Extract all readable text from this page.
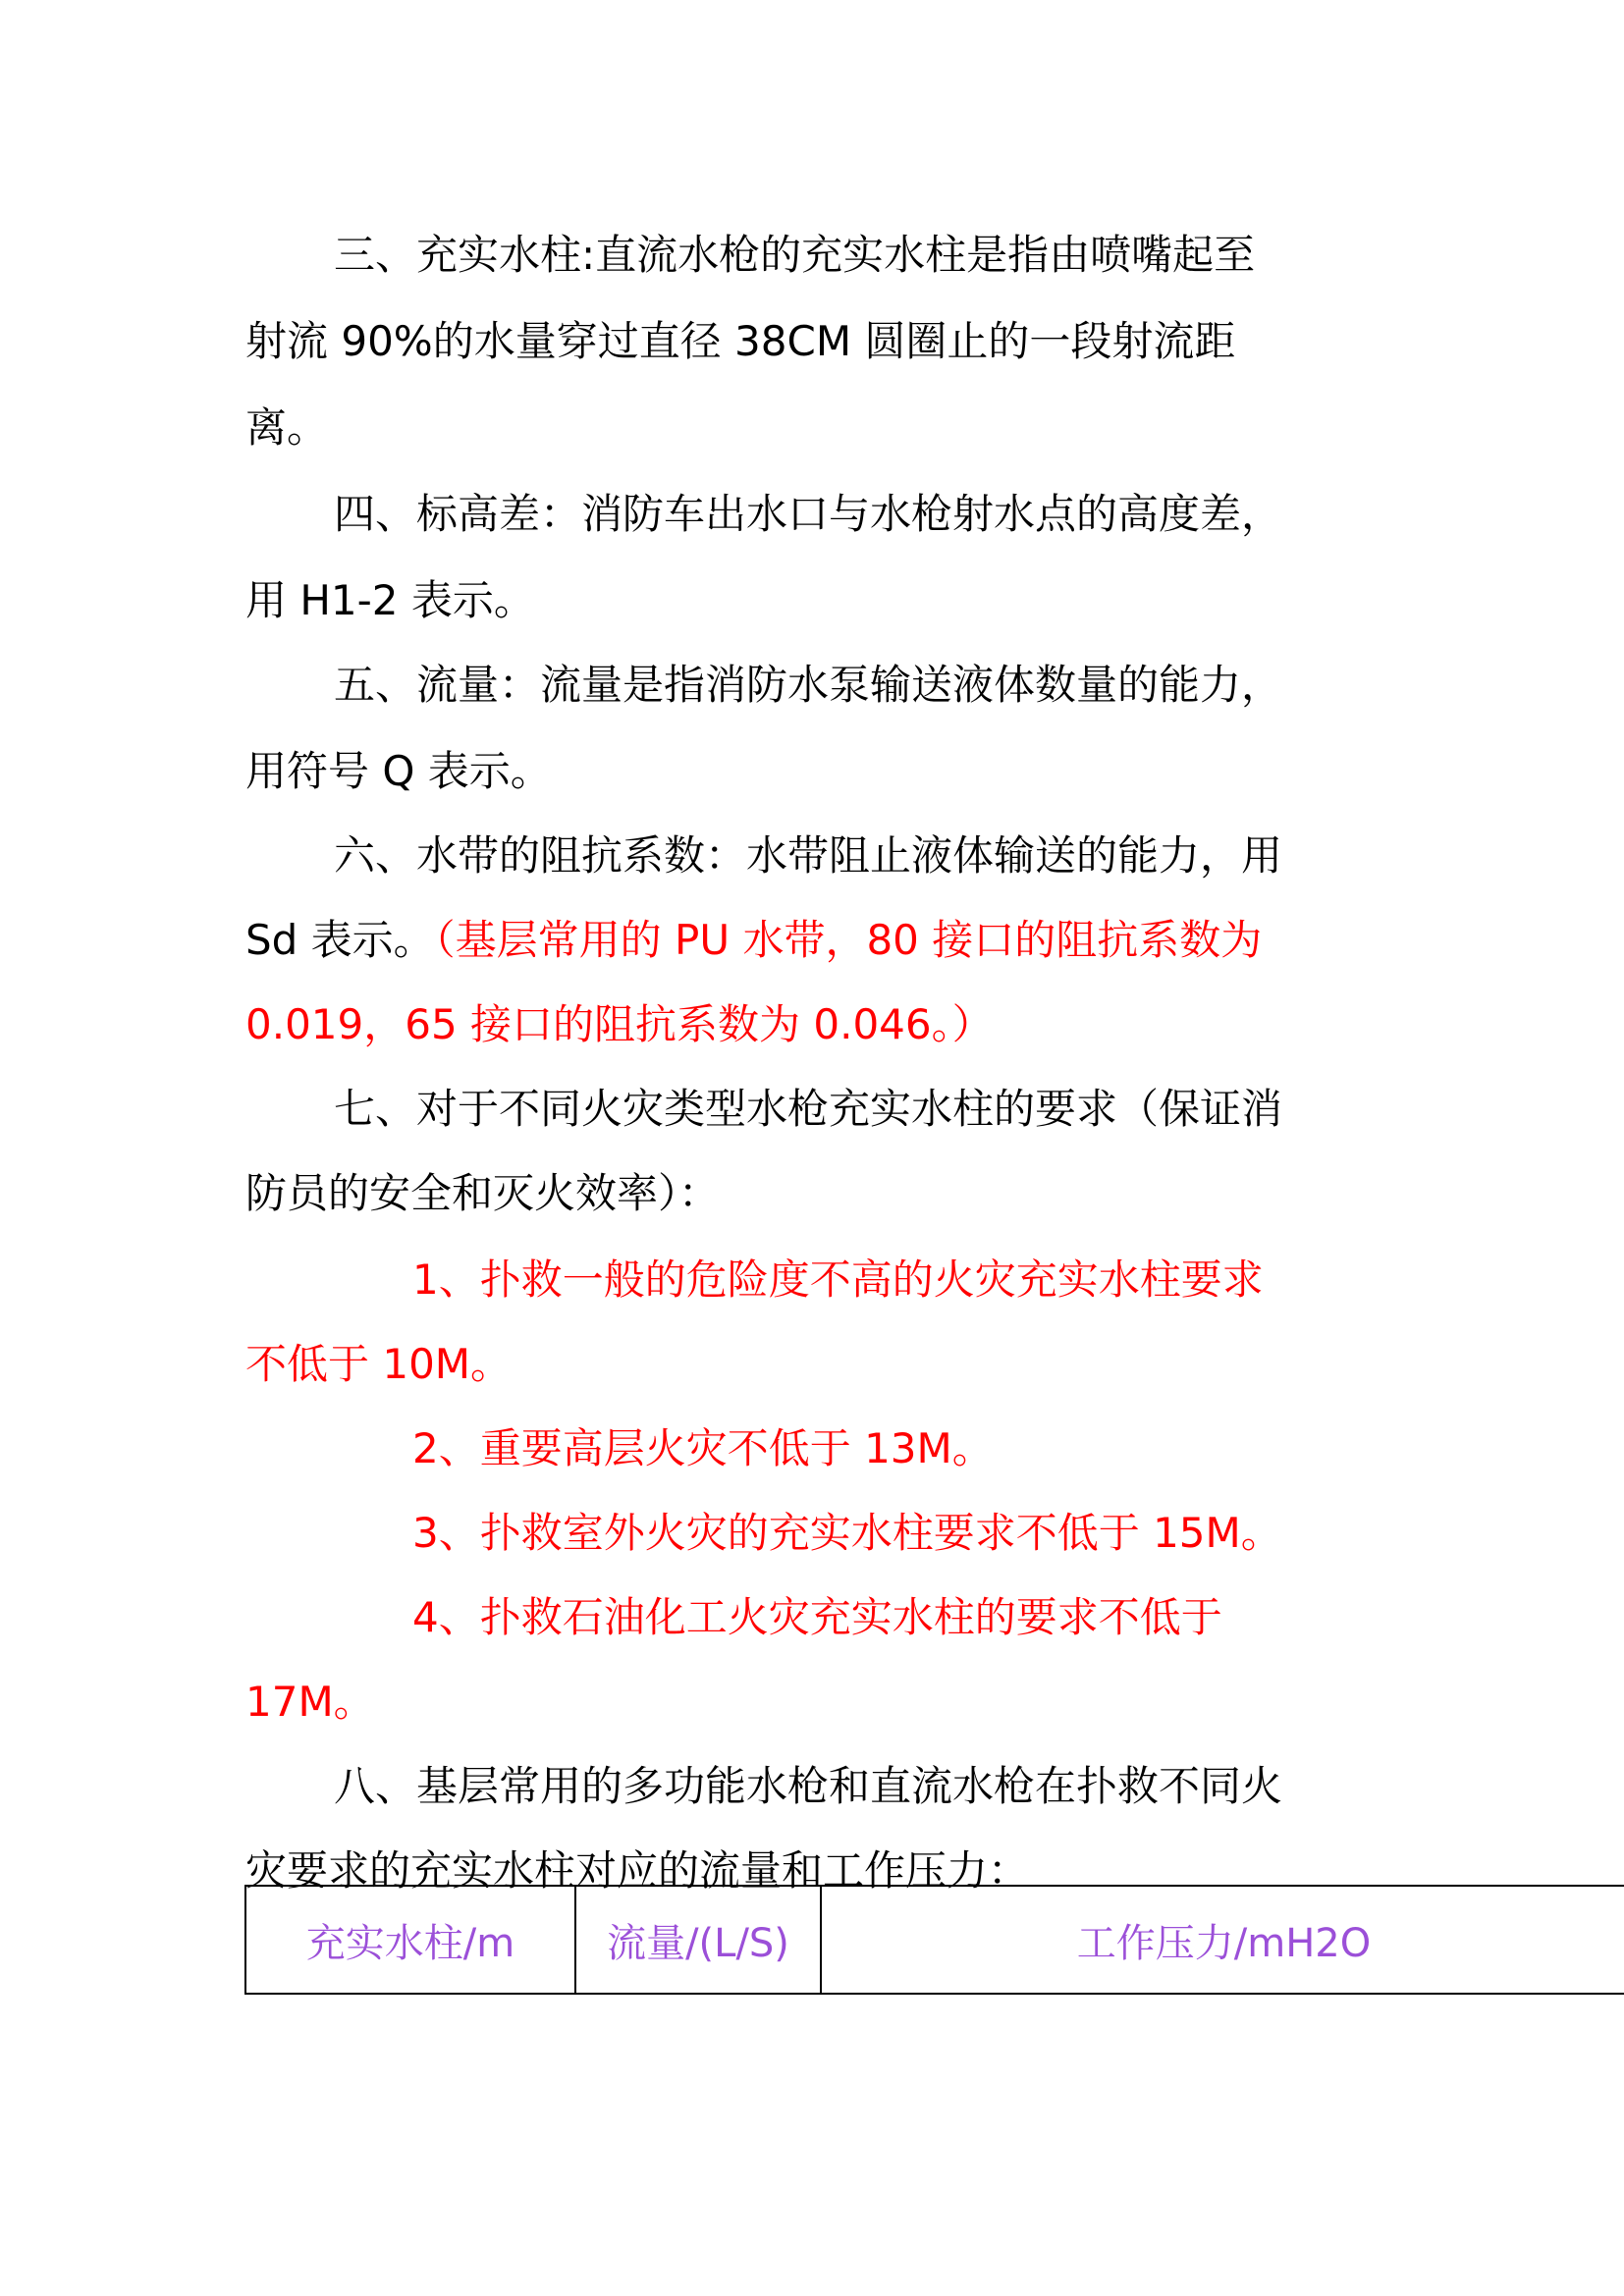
三、充实水柱:直流水枪的充实水柱是指由喷嘴起至
射流 90%的水量穿过直径 38CM 圆圈止的一段射流距
离。
四、标高差：消防车出水口与水枪射水点的高度差，
用 H1-2 表示。
五、流量：流量是指消防水泵输送液体数量的能力，
用符号 Q 表示。
六、水带的阻抗系数：水带阻止液体输送的能力，用
Sd 表示。（基层常用的 PU 水带，80 接口的阻抗系数为
0.019，65 接口的阻抗系数为 0.046。）
七、对于不同火灾类型水枪充实水柱的要求（保证消
防员的安全和灭火效率）：
1、扑救一般的危险度不高的火灾充实水柱要求
不低于 10M。
2、重要高层火灾不低于 13M。
3、扑救室外火灾的充实水柱要求不低于 15M。
4、扑救石油化工火灾充实水柱的要求不低于
17M。
八、基层常用的多功能水枪和直流水枪在扑救不同火
灾要求的充实水柱对应的流量和工作压力：
充实水柱/m	流量/(L/S)	工作压力/mH2O
